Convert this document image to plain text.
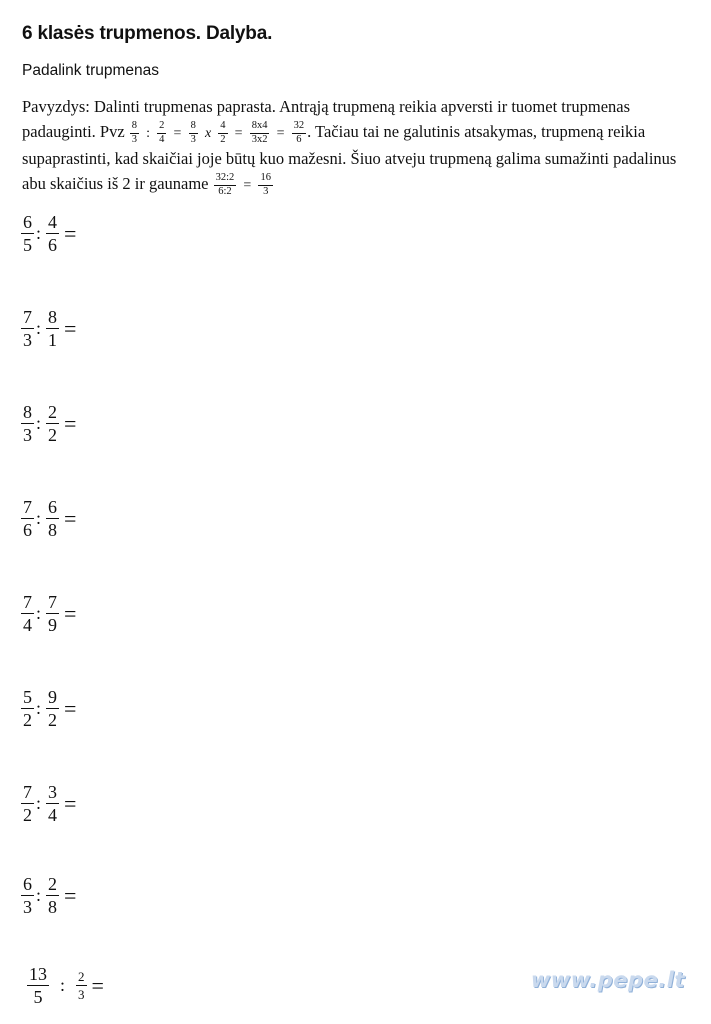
6 klasės trupmenos. Dalyba.
Padalink trupmenas
Pavyzdys: Dalinti trupmenas paprasta. Antrąją trupmeną reikia apversti ir tuomet trupmenas padauginti. Pvz $\frac{8}{3}$ : $\frac{2}{4} = \frac{8}{3}$ x $\frac{4}{2} = \frac{8x4}{3x2} = \frac{32}{6}$ . Tačiau tai ne galutinis atsakymas, trupmeną reikia supaprastinti, kad skaičiai joje būtų kuo mažesni. Šiuo atveju trupmeną galima sumažinti padalinus abu skaičius iš 2 ir gauname $\frac{32:2}{6:2} = \frac{16}{3}$
$\frac{6}{5}$ : $\frac{4}{6}$ =
$\frac{7}{3}$ : $\frac{8}{1}$ =
$\frac{8}{3}$ : $\frac{2}{2}$ =
$\frac{7}{6}$ : $\frac{6}{8}$ =
$\frac{7}{4}$ : $\frac{7}{9}$ =
$\frac{5}{2}$ : $\frac{9}{2}$ =
$\frac{7}{2}$ : $\frac{3}{4}$ =
$\frac{6}{3}$ : $\frac{2}{8}$ =
$\frac{13}{5}$ : $\frac{2}{3}$ =	www.pepe.lt
